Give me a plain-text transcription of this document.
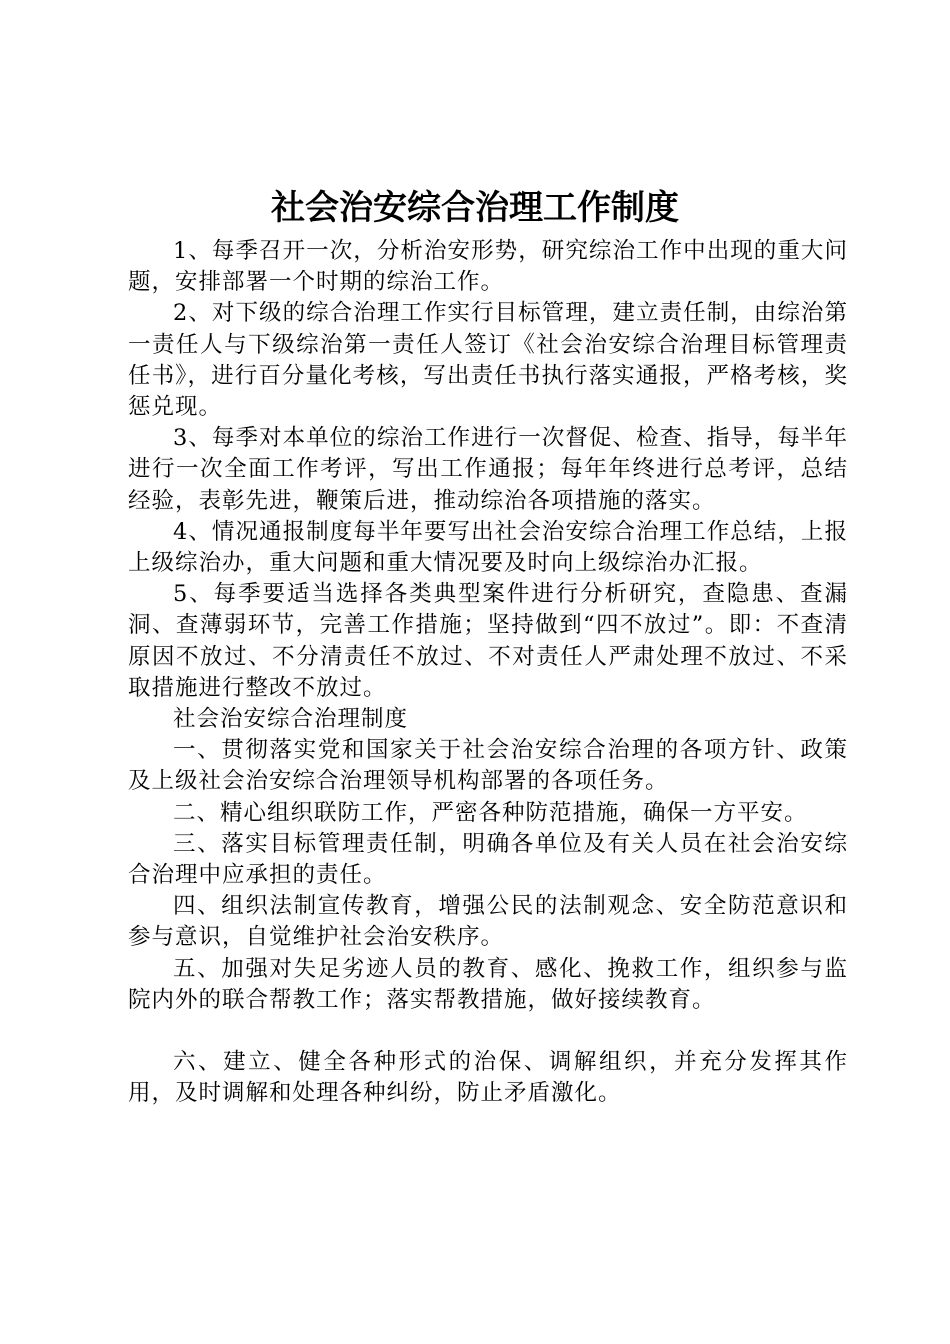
社会治安综合治理工作制度

1、每季召开一次，分析治安形势，研究综治工作中出现的重大问题，安排部署一个时期的综治工作。

2、对下级的综合治理工作实行目标管理，建立责任制，由综治第一责任人与下级综治第一责任人签订《社会治安综合治理目标管理责任书》，进行百分量化考核，写出责任书执行落实通报，严格考核，奖惩兑现。

3、每季对本单位的综治工作进行一次督促、检查、指导，每半年进行一次全面工作考评，写出工作通报；每年年终进行总考评，总结经验，表彰先进，鞭策后进，推动综治各项措施的落实。

4、情况通报制度每半年要写出社会治安综合治理工作总结，上报上级综治办，重大问题和重大情况要及时向上级综治办汇报。

5、每季要适当选择各类典型案件进行分析研究，查隐患、查漏洞、查薄弱环节，完善工作措施；坚持做到“四不放过”。即：不查清原因不放过、不分清责任不放过、不对责任人严肃处理不放过、不采取措施进行整改不放过。

社会治安综合治理制度

一、贯彻落实党和国家关于社会治安综合治理的各项方针、政策及上级社会治安综合治理领导机构部署的各项任务。

二、精心组织联防工作，严密各种防范措施，确保一方平安。

三、落实目标管理责任制，明确各单位及有关人员在社会治安综合治理中应承担的责任。

四、组织法制宣传教育，增强公民的法制观念、安全防范意识和参与意识，自觉维护社会治安秩序。

五、加强对失足劣迹人员的教育、感化、挽救工作，组织参与监院内外的联合帮教工作；落实帮教措施，做好接续教育。

六、建立、健全各种形式的治保、调解组织，并充分发挥其作用，及时调解和处理各种纠纷，防止矛盾激化。
